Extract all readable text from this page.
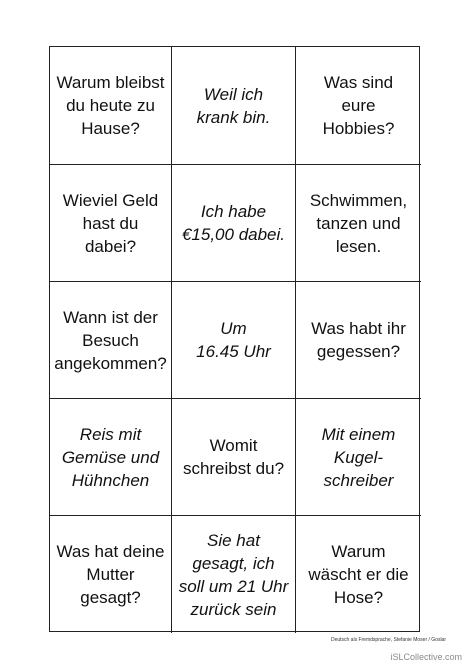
Warum bleibst
du heute zu
Hause?
Weil ich
krank bin.
Was sind
eure
Hobbies?
Wieviel Geld
hast du dabei?
Ich habe
€15,00 dabei.
Schwimmen,
tanzen und
lesen.
Wann ist der
Besuch
angekommen?
Um
16.45 Uhr
Was habt ihr
gegessen?
Reis mit
Gemüse und
Hühnchen
Womit
schreibst du?
Mit einem
Kugel-
schreiber
Was hat deine
Mutter gesagt?
Sie hat
gesagt, ich
soll um 21 Uhr
zurück sein
Warum
wäscht er die
Hose?
Deutsch als Fremdsprache, Stefanie Moser / Goslar
iSLCollective.com
